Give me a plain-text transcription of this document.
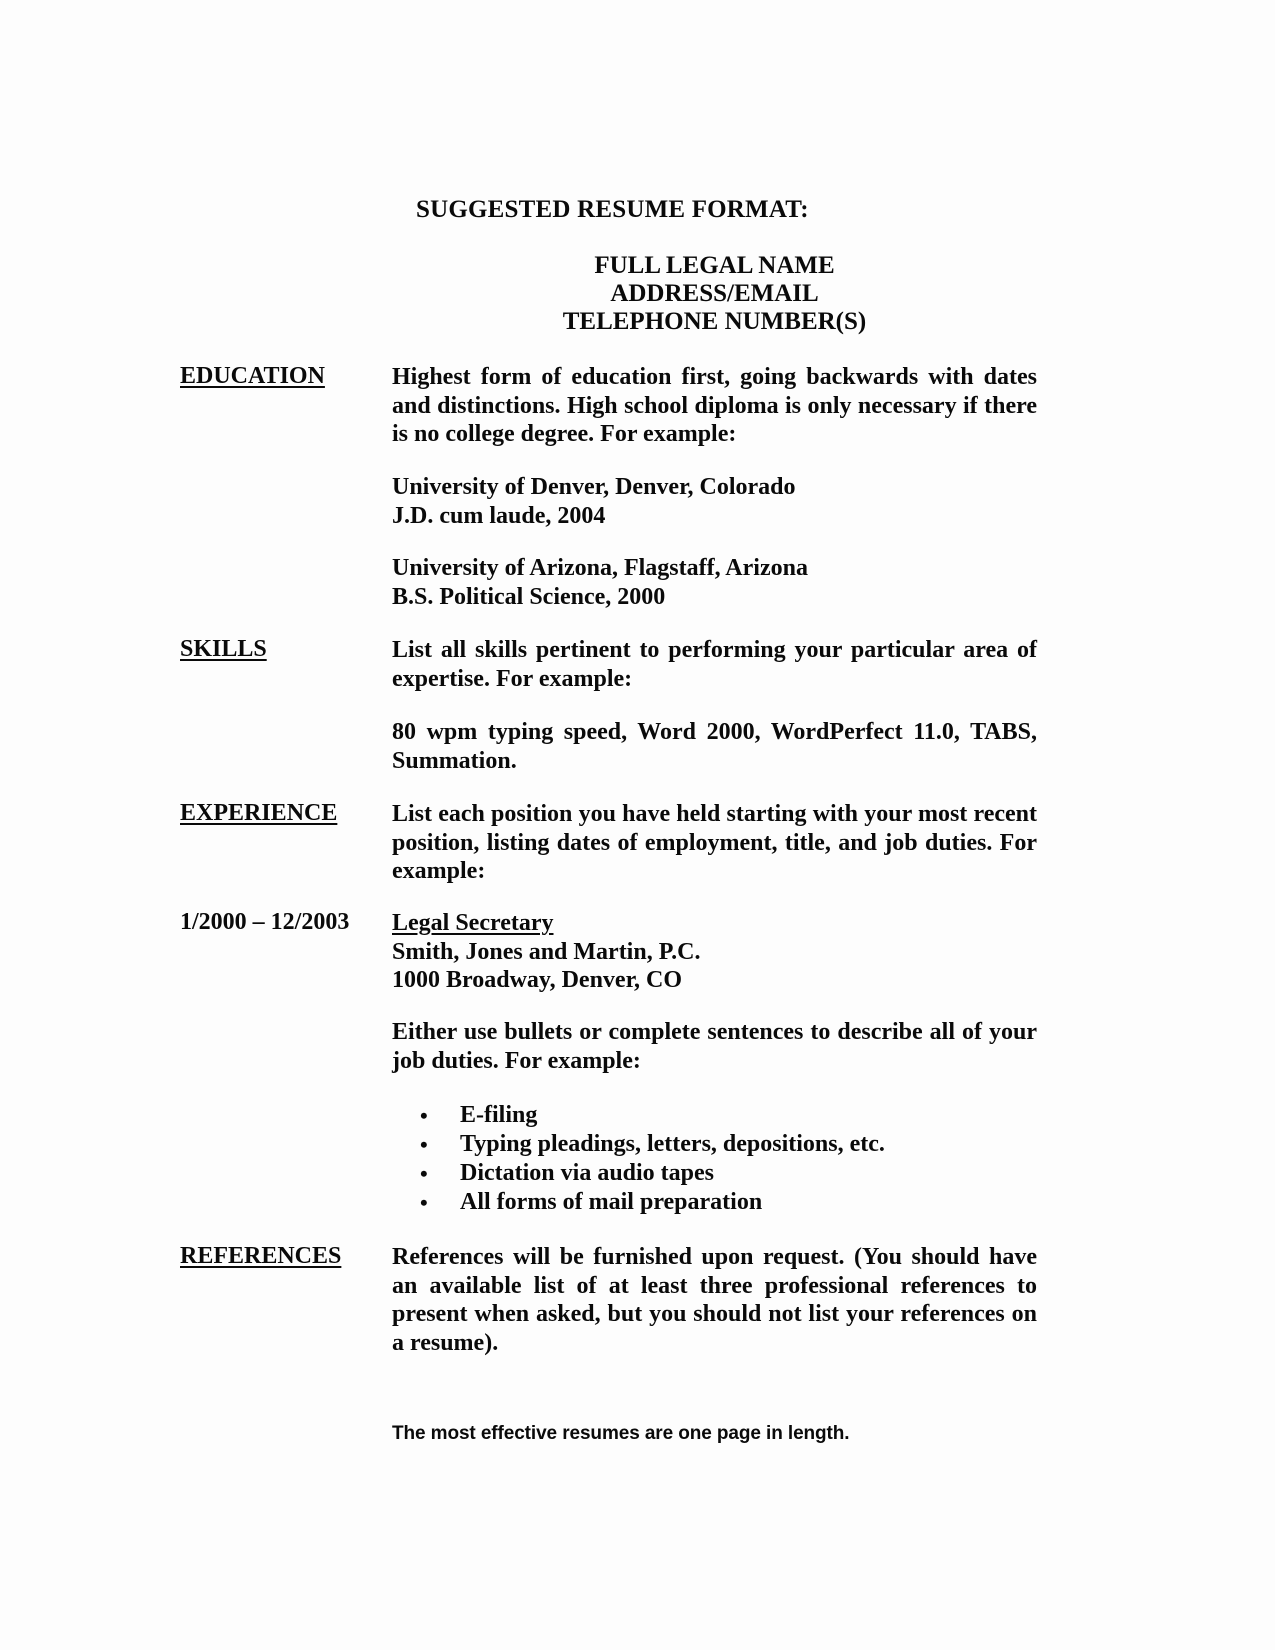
SUGGESTED RESUME FORMAT:
FULL LEGAL NAME
ADDRESS/EMAIL
TELEPHONE NUMBER(S)
EDUCATION	Highest form of education first, going backwards with dates and distinctions. High school diploma is only necessary if there is no college degree. For example:
University of Denver, Denver, Colorado
J.D. cum laude, 2004
University of Arizona, Flagstaff, Arizona
B.S. Political Science, 2000
SKILLS	List all skills pertinent to performing your particular area of expertise. For example:
80 wpm typing speed, Word 2000, WordPerfect 11.0, TABS, Summation.
EXPERIENCE List each position you have held starting with your most recent position, listing dates of employment, title, and job duties. For example:
1/2000 – 12/2003 Legal Secretary
Smith, Jones and Martin, P.C.
1000 Broadway, Denver, CO
Either use bullets or complete sentences to describe all of your job duties. For example:
• E-filing
• Typing pleadings, letters, depositions, etc.
• Dictation via audio tapes
• All forms of mail preparation
REFERENCES References will be furnished upon request. (You should have an available list of at least three professional references to present when asked, but you should not list your references on a resume).
The most effective resumes are one page in length.
